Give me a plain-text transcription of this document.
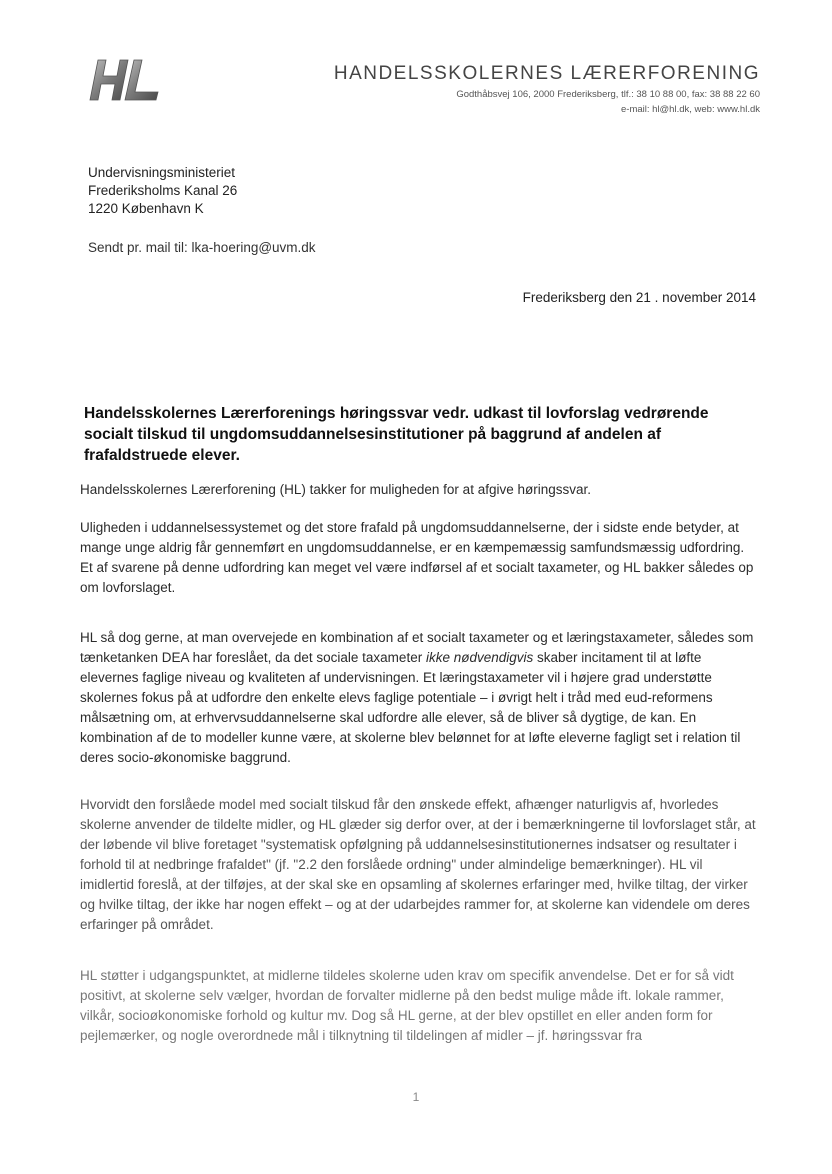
HANDELSSKOLERNES LÆRERFORENING
Godthåbsvej 106, 2000 Frederiksberg, tlf.: 38 10 88 00, fax: 38 88 22 60
e-mail: hl@hl.dk, web: www.hl.dk
Undervisningsministeriet
Frederiksholms Kanal 26
1220 København K
Sendt pr. mail til: lka-hoering@uvm.dk
Frederiksberg den 21 . november 2014
Handelsskolernes Lærerforenings høringssvar vedr. udkast til lovforslag vedrørende socialt tilskud til ungdomsuddannelsesinstitutioner på baggrund af andelen af frafaldstruede elever.
Handelsskolernes Lærerforening (HL) takker for muligheden for at afgive høringssvar.
Uligheden i uddannelsessystemet og det store frafald på ungdomsuddannelserne, der i sidste ende betyder, at mange unge aldrig får gennemført en ungdomsuddannelse, er en kæmpemæssig samfundsmæssig udfordring. Et af svarene på denne udfordring kan meget vel være indførsel af et socialt taxameter, og HL bakker således op om lovforslaget.
HL så dog gerne, at man overvejede en kombination af et socialt taxameter og et læringstaxameter, således som tænketanken DEA har foreslået, da det sociale taxameter ikke nødvendigvis skaber incitament til at løfte elevernes faglige niveau og kvaliteten af undervisningen. Et læringstaxameter vil i højere grad understøtte skolernes fokus på at udfordre den enkelte elevs faglige potentiale – i øvrigt helt i tråd med eud-reformens målsætning om, at erhvervsuddannelserne skal udfordre alle elever, så de bliver så dygtige, de kan. En kombination af de to modeller kunne være, at skolerne blev belønnet for at løfte eleverne fagligt set i relation til deres socio-økonomiske baggrund.
Hvorvidt den forslåede model med socialt tilskud får den ønskede effekt, afhænger naturligvis af, hvorledes skolerne anvender de tildelte midler, og HL glæder sig derfor over, at der i bemærkningerne til lovforslaget står, at der løbende vil blive foretaget "systematisk opfølgning på uddannelsesinstitutionernes indsatser og resultater i forhold til at nedbringe frafaldet" (jf. "2.2 den forslåede ordning" under almindelige bemærkninger). HL vil imidlertid foreslå, at der tilføjes, at der skal ske en opsamling af skolernes erfaringer med, hvilke tiltag, der virker og hvilke tiltag, der ikke har nogen effekt – og at der udarbejdes rammer for, at skolerne kan videndele om deres erfaringer på området.
HL støtter i udgangspunktet, at midlerne tildeles skolerne uden krav om specifik anvendelse. Det er for så vidt positivt, at skolerne selv vælger, hvordan de forvalter midlerne på den bedst mulige måde ift. lokale rammer, vilkår, socioøkonomiske forhold og kultur mv. Dog så HL gerne, at der blev opstillet en eller anden form for pejlemærker, og nogle overordnede mål i tilknytning til tildelingen af midler – jf. høringssvar fra
1
